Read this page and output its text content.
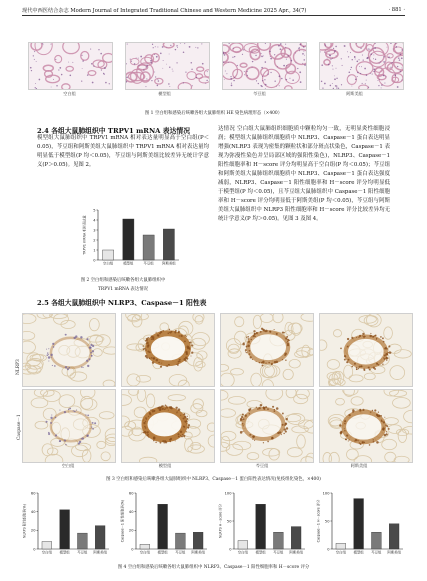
现代中西医结合杂志 Modern Journal of Integrated Traditional Chinese and Western Medicine 2025 Apr., 34(7)	· 881 ·
空白组	模型组	芩豆组	阿斯美组
图 1 空白组和感染后咳嗽各组大鼠肺组织 HE 染色病理形态（×400）
2.4 各组大鼠肺组织中 TRPV1 mRNA 表达情况

模型组大鼠肺组织中 TRPV1 mRNA 相对表达量明显高于空白组(P＜0.05)，芩豆组和阿斯美组大鼠肺组织中 TRPV1 mRNA 相对表达量均明显低于模型组(P 均＜0.05)，芩豆组与阿斯美组比较差异无统计学意义(P＞0.05)。见图 2。

0
1
2
3
4
5
空白组	模型组	芩豆组 阿斯美组
TRPV1 mRNA 相对表达量
图 2 空白组和感染后咳嗽各组大鼠肺组织中
TRPV1 mRNA 表达情况
2.5 各组大鼠肺组织中 NLRP3、Caspase－1 阳性表

达情况 空白组大鼠肺组织细胞质中颗粒均匀一致，无明显炎性细胞浸润；模型组大鼠肺组织细胞质中 NLRP3、Caspase－1 蛋白表达明显增强(NLRP3 表现为密集的颗粒状和部分斑点状染色，Caspase－1 表现为弥漫性染色并呈局部区域的强阳性染色)，NLRP3、Caspase－1 阳性细胞率和 H－score 评分均明显高于空白组(P 均＜0.05)；芩豆组和阿斯美组大鼠肺组织细胞质中 NLRP3、Caspase－1 蛋白表达强度减弱，NLRP3、Caspase－1 阳性细胞率和 H－score 评分均明显低于模型组(P 均＜0.05)，且芩豆组大鼠肺组织中 Caspase－1 阳性细胞率和 H－score 评分均明显低于阿斯美组(P 均＜0.05)，芩豆组与阿斯美组大鼠肺组织中 NLRP3 阳性细胞率和 H－score 评分比较差异均无统计学意义(P 均＞0.05)。见图 3 及图 4。

NLRP3
Caspase－1
空白组	模型组	芩豆组	阿斯美组
图 3 空白组和感染后咳嗽各组大鼠肺组织中 NLRP3、Caspase－1 蛋白阳性表达情况(免疫组化染色，×400)
0
20
40
60
空白组 模型组 芩豆组 阿斯美组
NLRP3 阳性细胞率(%)
0
20
40
60
空白组 模型组 芩豆组 阿斯美组
Caspase－1 阳性细胞率(%)
0
50
100
空白组 模型组 芩豆组 阿斯美组
NLRP3 H－score 评分
0
50
100
空白组 模型组 芩豆组 阿斯美组
Caspase－1 H－score 评分
图 4 空白组和感染后咳嗽各组大鼠肺组织中 NLRP3、Caspase－1 阳性细胞率和 H－score 评分
